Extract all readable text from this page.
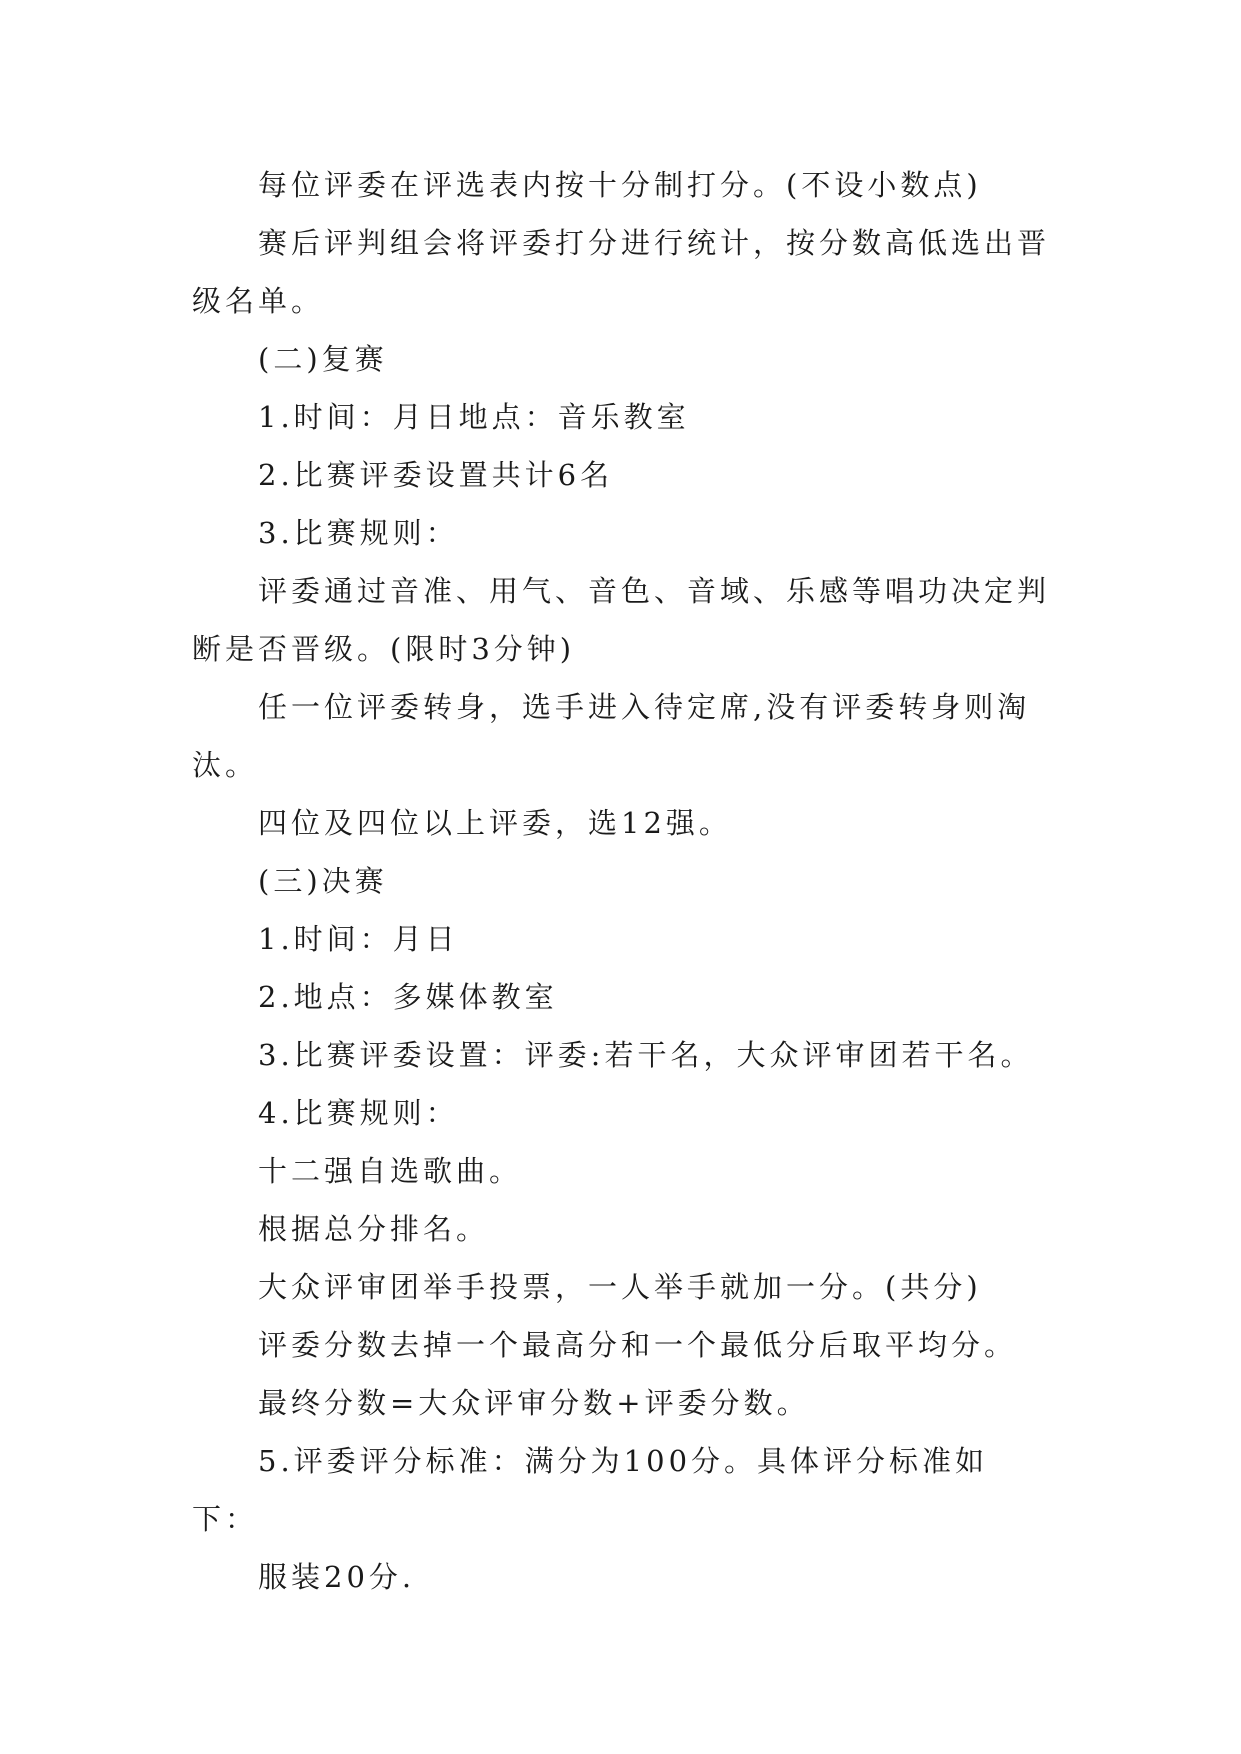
每位评委在评选表内按十分制打分。(不设小数点)

赛后评判组会将评委打分进行统计，按分数高低选出晋级名单。

(二)复赛

1.时间：月日地点：音乐教室

2.比赛评委设置共计6名

3.比赛规则：

评委通过音准、用气、音色、音域、乐感等唱功决定判断是否晋级。(限时3分钟)

任一位评委转身，选手进入待定席,没有评委转身则淘汰。

四位及四位以上评委，选12强。

(三)决赛

1.时间：月日

2.地点：多媒体教室

3.比赛评委设置：评委:若干名，大众评审团若干名。

4.比赛规则：

十二强自选歌曲。

根据总分排名。

大众评审团举手投票，一人举手就加一分。(共分)

评委分数去掉一个最高分和一个最低分后取平均分。

最终分数=大众评审分数+评委分数。

5.评委评分标准：满分为100分。具体评分标准如下：

服装20分.
